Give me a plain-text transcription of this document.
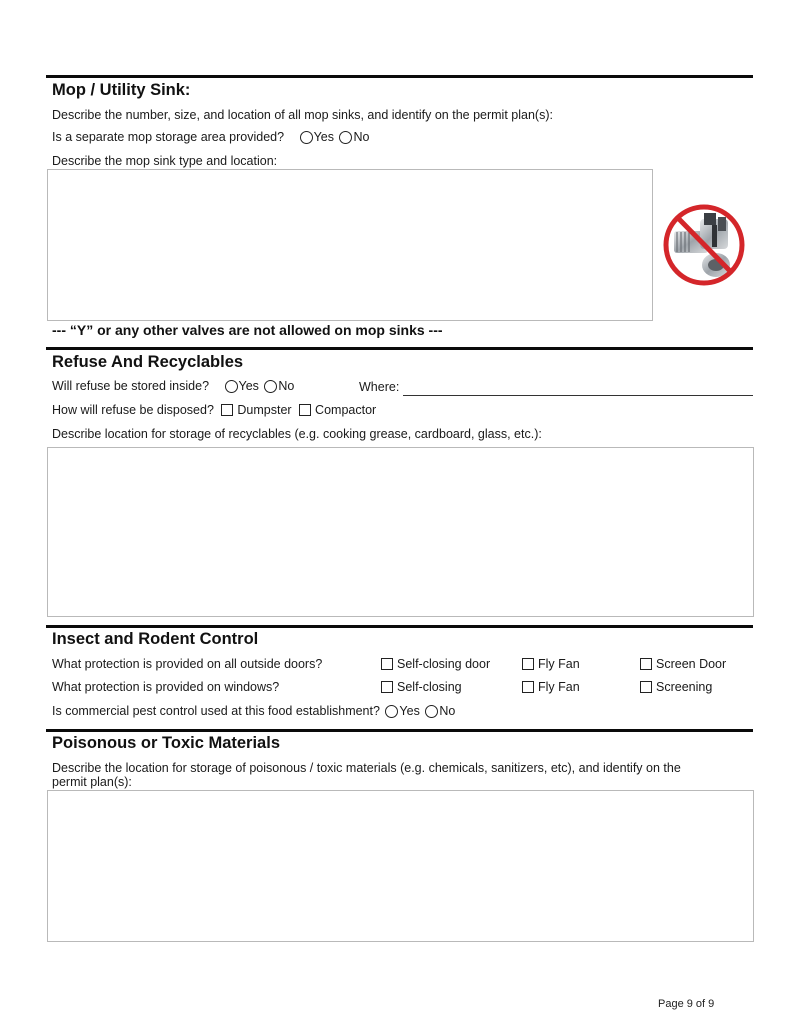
Mop / Utility Sink:
Describe the number, size, and location of all mop sinks, and identify on the permit plan(s):
Is a separate mop storage area provided? Yes No
Describe the mop sink type and location:
--- “Y” or any other valves are not allowed on mop sinks ---
Refuse And Recyclables
Will refuse be stored inside? Yes No	Where:
How will refuse be disposed? Dumpster Compactor
Describe location for storage of recyclables (e.g. cooking grease, cardboard, glass, etc.):
Insect and Rodent Control
What protection is provided on all outside doors?	Self-closing door	Fly Fan	Screen Door
What protection is provided on windows?	Self-closing	Fly Fan	Screening
Is commercial pest control used at this food establishment? Yes No
Poisonous or Toxic Materials
Describe the location for storage of poisonous / toxic materials (e.g. chemicals, sanitizers, etc), and identify on the
permit plan(s):
Page 9 of 9
